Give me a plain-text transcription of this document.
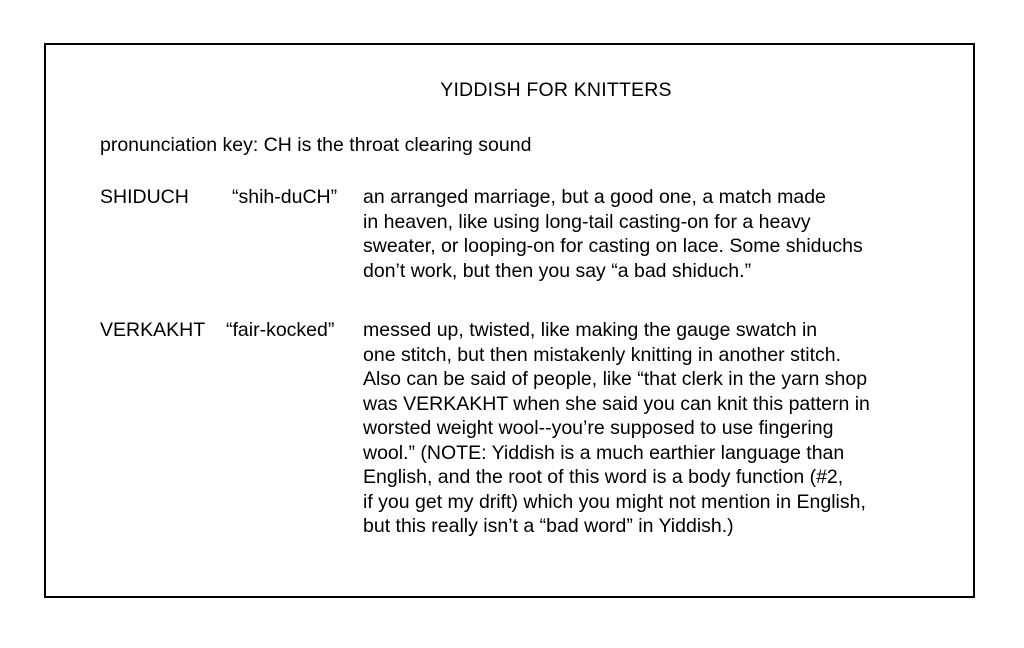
YIDDISH FOR KNITTERS
pronunciation key: CH is the throat clearing sound
SHIDUCH “shih-duCH” an arranged marriage, but a good one, a match made
in heaven, like using long-tail casting-on for a heavy
sweater, or looping-on for casting on lace. Some shiduchs
don’t work, but then you say “a bad shiduch.”
VERKAKHT “fair-kocked” messed up, twisted, like making the gauge swatch in
one stitch, but then mistakenly knitting in another stitch.
Also can be said of people, like “that clerk in the yarn shop
was VERKAKHT when she said you can knit this pattern in
worsted weight wool--you’re supposed to use fingering
wool.” (NOTE: Yiddish is a much earthier language than
English, and the root of this word is a body function (#2,
if you get my drift) which you might not mention in English,
but this really isn’t a “bad word” in Yiddish.)
